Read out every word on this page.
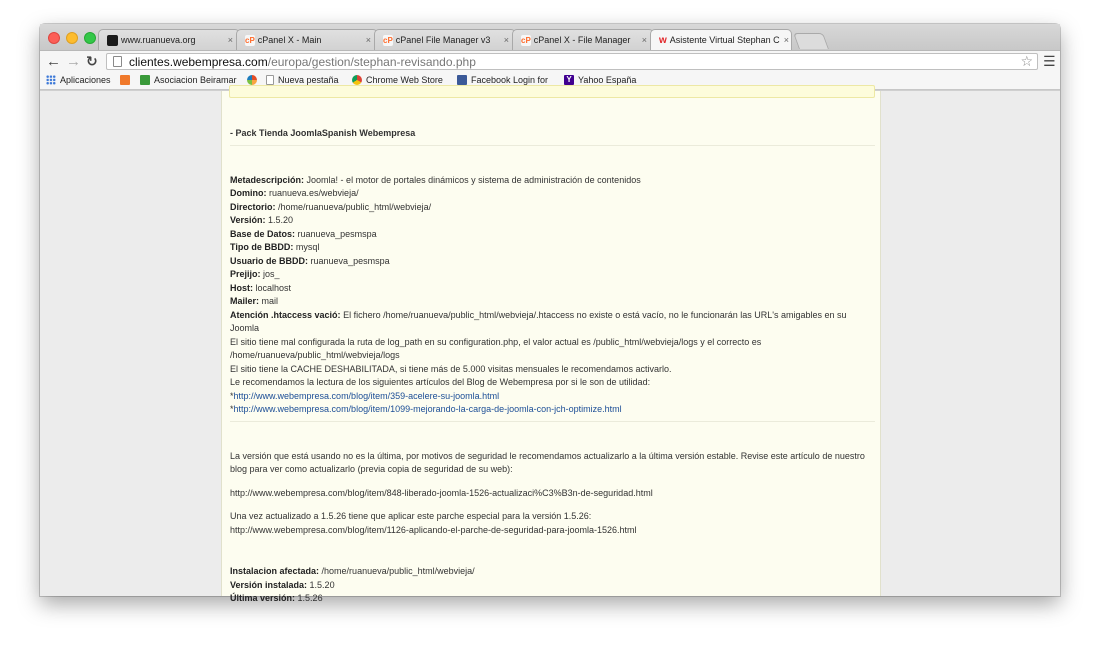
www.ruanueva.org	× cP cPanel X - Main	× cP cPanel File Manager v3	× cP cPanel X - File Manager	× w Asistente Virtual Stephan C ×
← → ↻	clientes.webempresa.com /europa/gestion/stephan-revisando.php	☆ ☰
Aplicaciones	Asociacion Beiramar	Nueva pestaña	Chrome Web Store	Facebook Login for Y Yahoo España

- Pack Tienda JoomlaSpanish Webempresa

Metadescripción: Joomla! - el motor de portales dinámicos y sistema de administración de contenidos

Domino: ruanueva.es/webvieja/

Directorio: /home/ruanueva/public_html/webvieja/

Versión: 1.5.20

Base de Datos: ruanueva_pesmspa

Tipo de BBDD: mysql

Usuario de BBDD: ruanueva_pesmspa

Prejijo: jos_

Host: localhost

Mailer: mail

Atención .htaccess vació: El fichero /home/ruanueva/public_html/webvieja/.htaccess no existe o está vacío, no le funcionarán las URL's amigables en su Joomla

El sitio tiene mal configurada la ruta de log_path en su configuration.php, el valor actual es /public_html/webvieja/logs y el correcto es /home/ruanueva/public_html/webvieja/logs

El sitio tiene la CACHE DESHABILITADA, si tiene más de 5.000 visitas mensuales le recomendamos activarlo.

Le recomendamos la lectura de los siguientes artículos del Blog de Webempresa por si le son de utilidad:

*http://www.webempresa.com/blog/item/359-acelere-su-joomla.html

*http://www.webempresa.com/blog/item/1099-mejorando-la-carga-de-joomla-con-jch-optimize.html

La versión que está usando no es la última, por motivos de seguridad le recomendamos actualizarlo a la última versión estable. Revise este artículo de nuestro blog para ver como actualizarlo (previa copia de seguridad de su web):

http://www.webempresa.com/blog/item/848-liberado-joomla-1526-actualizaci%C3%B3n-de-seguridad.html

Una vez actualizado a 1.5.26 tiene que aplicar este parche especial para la versión 1.5.26:

http://www.webempresa.com/blog/item/1126-aplicando-el-parche-de-seguridad-para-joomla-1526.html

Instalacion afectada: /home/ruanueva/public_html/webvieja/

Versión instalada: 1.5.20

Última versión: 1.5.26
